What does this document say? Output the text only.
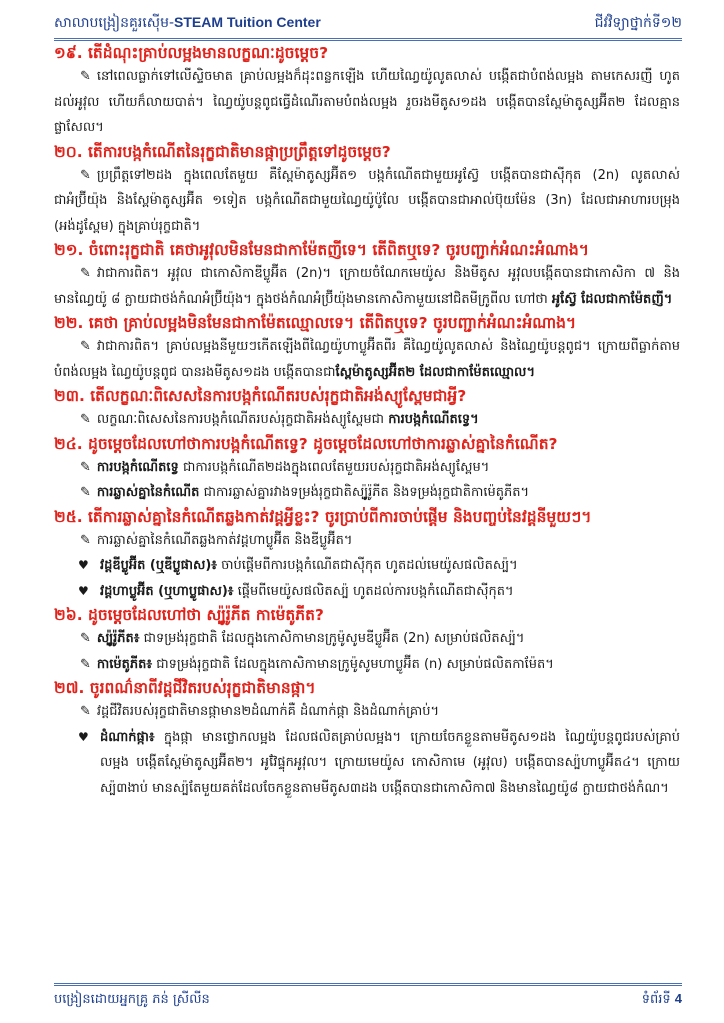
សាលាបង្រៀនគួរស៊ើម-STEAM Tuition Center	ជីវវិទ្យាថ្នាក់ទី១២

១៩. តើដំណុះគ្រាប់លម្អងមានលក្ខណៈដូចម្តេច?

✎ នៅពេលធ្លាក់ទៅលើស្ទិចមាត គ្រាប់លម្អងក៏ដុះពន្លកឡើង ហើយណ្វៃយ៉ូលូតលាស់ បង្កើតជាបំពង់លម្អង តាមកេសរញី ហូតដល់អូវុល ហើយក៏លាយបាត់។ ណ្វៃយ៉ូបន្តពូជធ្វើដំណើរតាមបំពង់លម្អង រួចរងមីតូស១ដង បង្កើតបានស្ពែម៉ាតូស្សអ៊ីត២ ដែលគ្មានផ្លាសែល។

២០. តើការបង្កកំណើតនៃរុក្ខជាតិមានផ្កាប្រព្រឹត្តទៅដូចម្តេច?

✎ ប្រព្រឹត្តទៅ២ដង ក្នុងពេលតែមួយ គឺស្ពែម៉ាតូស្សអ៊ីត១ បង្កកំណើតជាមួយអូស្វ៊ែ បង្កើតបានជាស៊ីកុត (2n) លូតលាស់ជាអំប្រ៊ីយ៉ុង និងស្ពែម៉ាតូស្សអ៊ីត ១ទៀត បង្កកំណើតជាមួយណ្វៃយ៉ូប៉ូលែ បង្កើតបានជាអាល់ប៊ុយម៉ែន (3n) ដែលជាអាហារបម្រុង (អង់ដូស្ពែម) ក្នុងគ្រាប់រុក្ខជាតិ។

២១. ចំពោះរុក្ខជាតិ គេថាអូវុលមិនមែនជាកាម៉ែតញីទេ។ តើពិតឬទេ? ចូរបញ្ជាក់អំណះអំណាង។

✎ វាជាការពិត។ អូវុល ជាកោសិកាឌីប្លូអ៊ីត (2n)។ ក្រោយចំណែកមេយ៉ូស និងមីតូស អូវុលបង្កើតបានជាកោសិកា ៧ និងមានណ្វៃយ៉ូ ៨ ក្លាយជាថង់កំណអំប្រ៊ីយ៉ុង។ ក្នុងថង់កំណអំប្រ៊ីយ៉ុងមានកោសិកាមួយនៅជិតមីក្រូពីល ហៅថា អូស្វ៊ែ ដែលជាកាម៉ែតញី។

២២. គេថា គ្រាប់លម្អងមិនមែនជាកាម៉ែតឈ្មោលទេ។ តើពិតឬទេ? ចូរបញ្ជាក់អំណះអំណាង។

✎ វាជាការពិត។ គ្រាប់លម្អងនីមួយៗកើតឡើងពីណ្វៃយ៉ូហាប្លូអ៊ីតពីរ គឺណ្វៃយ៉ូលូតលាស់ និងណ្វៃយ៉ូបន្តពូជ។ ក្រោយពីធ្លាក់តាមបំពង់លម្អង ណ្វៃយ៉ូបន្តពូជ បានរងមីតូស១ដង បង្កើតបានជាស្ពែម៉ាតូស្សអ៊ីត២ ដែលជាកាម៉ែតឈ្មោល។

២៣. តើលក្ខណៈពិសេសនៃការបង្កកំណើតរបស់រុក្ខជាតិអង់ស្យូស្ពែមជាអ្វី?

✎ លក្ខណៈពិសេសនៃការបង្កកំណើតរបស់រុក្ខជាតិអង់ស្យូស្ពែមជា ការបង្កកំណើតទ្វេ។

២៤. ដូចម្តេចដែលហៅថាការបង្កកំណើតទ្វេ? ដូចម្តេចដែលហៅថាការឆ្លាស់គ្នានៃកំណើត?

✎ ការបង្កកំណើតទ្វេ ជាការបង្កកំណើត២ដងក្នុងពេលតែមួយរបស់រុក្ខជាតិអង់ស្យូស្ពែម។

✎ ការឆ្លាស់គ្នានៃកំណើត ជាការឆ្លាស់គ្នារវាងទម្រង់រុក្ខជាតិស្ប៉ូរ៉ូភីត និងទម្រង់រុក្ខជាតិកាម៉េតូភីត។

២៥. តើការឆ្លាស់គ្នានៃកំណើតឆ្លងកាត់វដ្តអ្វីខ្លះ? ចូរប្រាប់ពីការចាប់ផ្តើម និងបញ្ចប់នៃវដ្តនីមួយៗ។

✎ ការឆ្លាស់គ្នានៃកំណើតឆ្លងកាត់វដ្តហាប្លូអ៊ីត និងឌីប្លូអ៊ីត។

♥ វដ្តឌីប្លូអ៊ីត (ឬឌីប្លូផាស)៖ ចាប់ផ្តើមពីការបង្កកំណើតជាស៊ីកុត ហូតដល់មេយ៉ូសផលិតស្ប៉។

♥ វដ្តហាប្លូអ៊ីត (ឬហាប្លូផាស)៖ ផ្តើមពីមេយ៉ូសផលិតស្ប៉ ហូតដល់ការបង្កកំណើតជាស៊ីកុត។

២៦. ដូចម្តេចដែលហៅថា ស្ប៉ូរ៉ូភីត កាម៉េតូភីត?

✎ ស្ប៉ូរ៉ូភីត៖ ជាទម្រង់រុក្ខជាតិ ដែលក្នុងកោសិកាមានក្រូម៉ូសូមឌីប្លូអ៊ីត (2n) សម្រាប់ផលិតស្ប៉។

✎ កាម៉េតូភីត៖ ជាទម្រង់រុក្ខជាតិ ដែលក្នុងកោសិកាមានក្រូម៉ូសូមហាប្លូអ៊ីត (n) សម្រាប់ផលិតកាម៉ែត។

២៧. ចូរពណ៌នាពីវដ្តជីវិតរបស់រុក្ខជាតិមានផ្កា។

✎ វដ្តជីវិតរបស់រុក្ខជាតិមានផ្កាមាន២ដំណាក់គឺ ដំណាក់ផ្កា និងដំណាក់គ្រាប់។

♥ ដំណាក់ផ្កា៖ ក្នុងផ្កា មានថ្លោកលម្អង ដែលផលិតគ្រាប់លម្អង។ ក្រោយចែកខ្លួនតាមមីតូស១ដង ណ្វៃយ៉ូបន្តពូជរបស់គ្រាប់លម្អង បង្កើតស្ពែម៉ាតូស្សអ៊ីត២។ អូវ៊ែផ្ទុកអូវុល។ ក្រោយមេយ៉ូស កោសិកាមេ (អូវុល) បង្កើតបានស្ប៉ហាប្លូអ៊ីត៤។ ក្រោយស្ប៉៣ងាប់ មានស្ប៉តែមួយគត់ដែលចែកខ្លួនតាមមីតូស៣ដង បង្កើតបានជាកោសិកា៧ និងមានណ្វៃយ៉ូ៨ ក្លាយជាថង់កំណ។

បង្រៀនដោយអ្នកគ្រូ ភន់ ស្រីលីន	ទំព័រទី 4
